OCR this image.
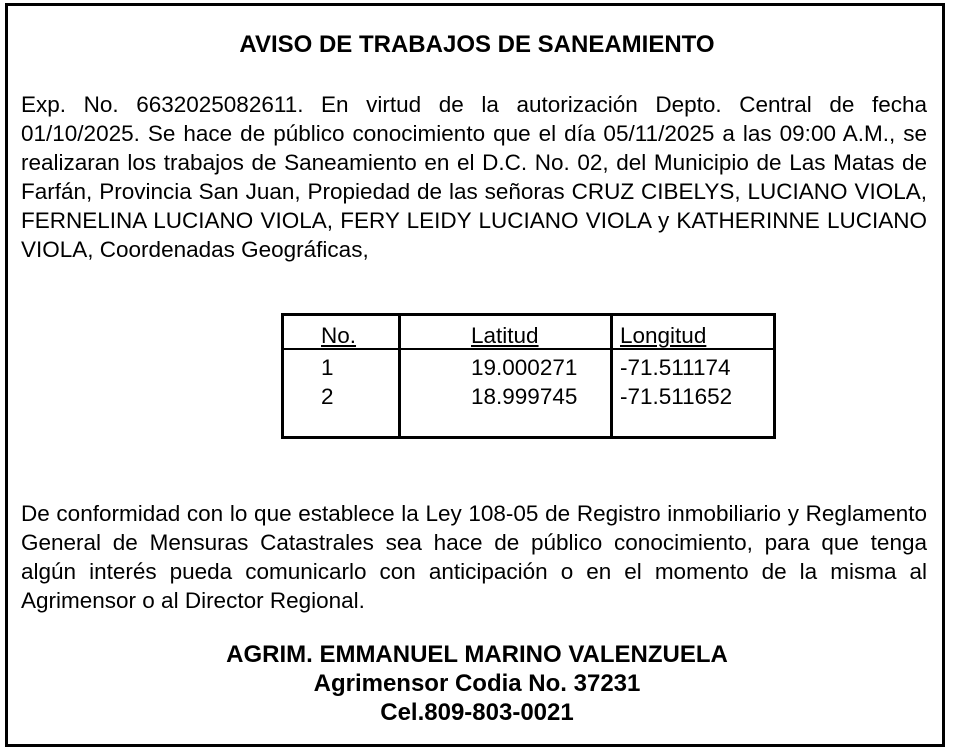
AVISO DE TRABAJOS DE SANEAMIENTO
Exp. No. 6632025082611. En virtud de la autorización Depto. Central de fecha 01/10/2025. Se hace de público conocimiento que el día 05/11/2025 a las 09:00 A.M., se realizaran los trabajos de Saneamiento en el D.C. No. 02, del Municipio de Las Matas de Farfán, Provincia San Juan, Propiedad de las señoras CRUZ CIBELYS, LUCIANO VIOLA, FERNELINA LUCIANO VIOLA, FERY LEIDY LUCIANO VIOLA y KATHERINNE LUCIANO VIOLA, Coordenadas Geográficas,
No.	Latitud	Longitud
1	19.000271 -71.511174
2	18.999745 -71.511652
De conformidad con lo que establece la Ley 108-05 de Registro inmobiliario y Reglamento General de Mensuras Catastrales sea hace de público conocimiento, para que tenga algún interés pueda comunicarlo con anticipación o en el momento de la misma al Agrimensor o al Director Regional.
AGRIM. EMMANUEL MARINO VALENZUELA
Agrimensor Codia No. 37231
Cel.809-803-0021
